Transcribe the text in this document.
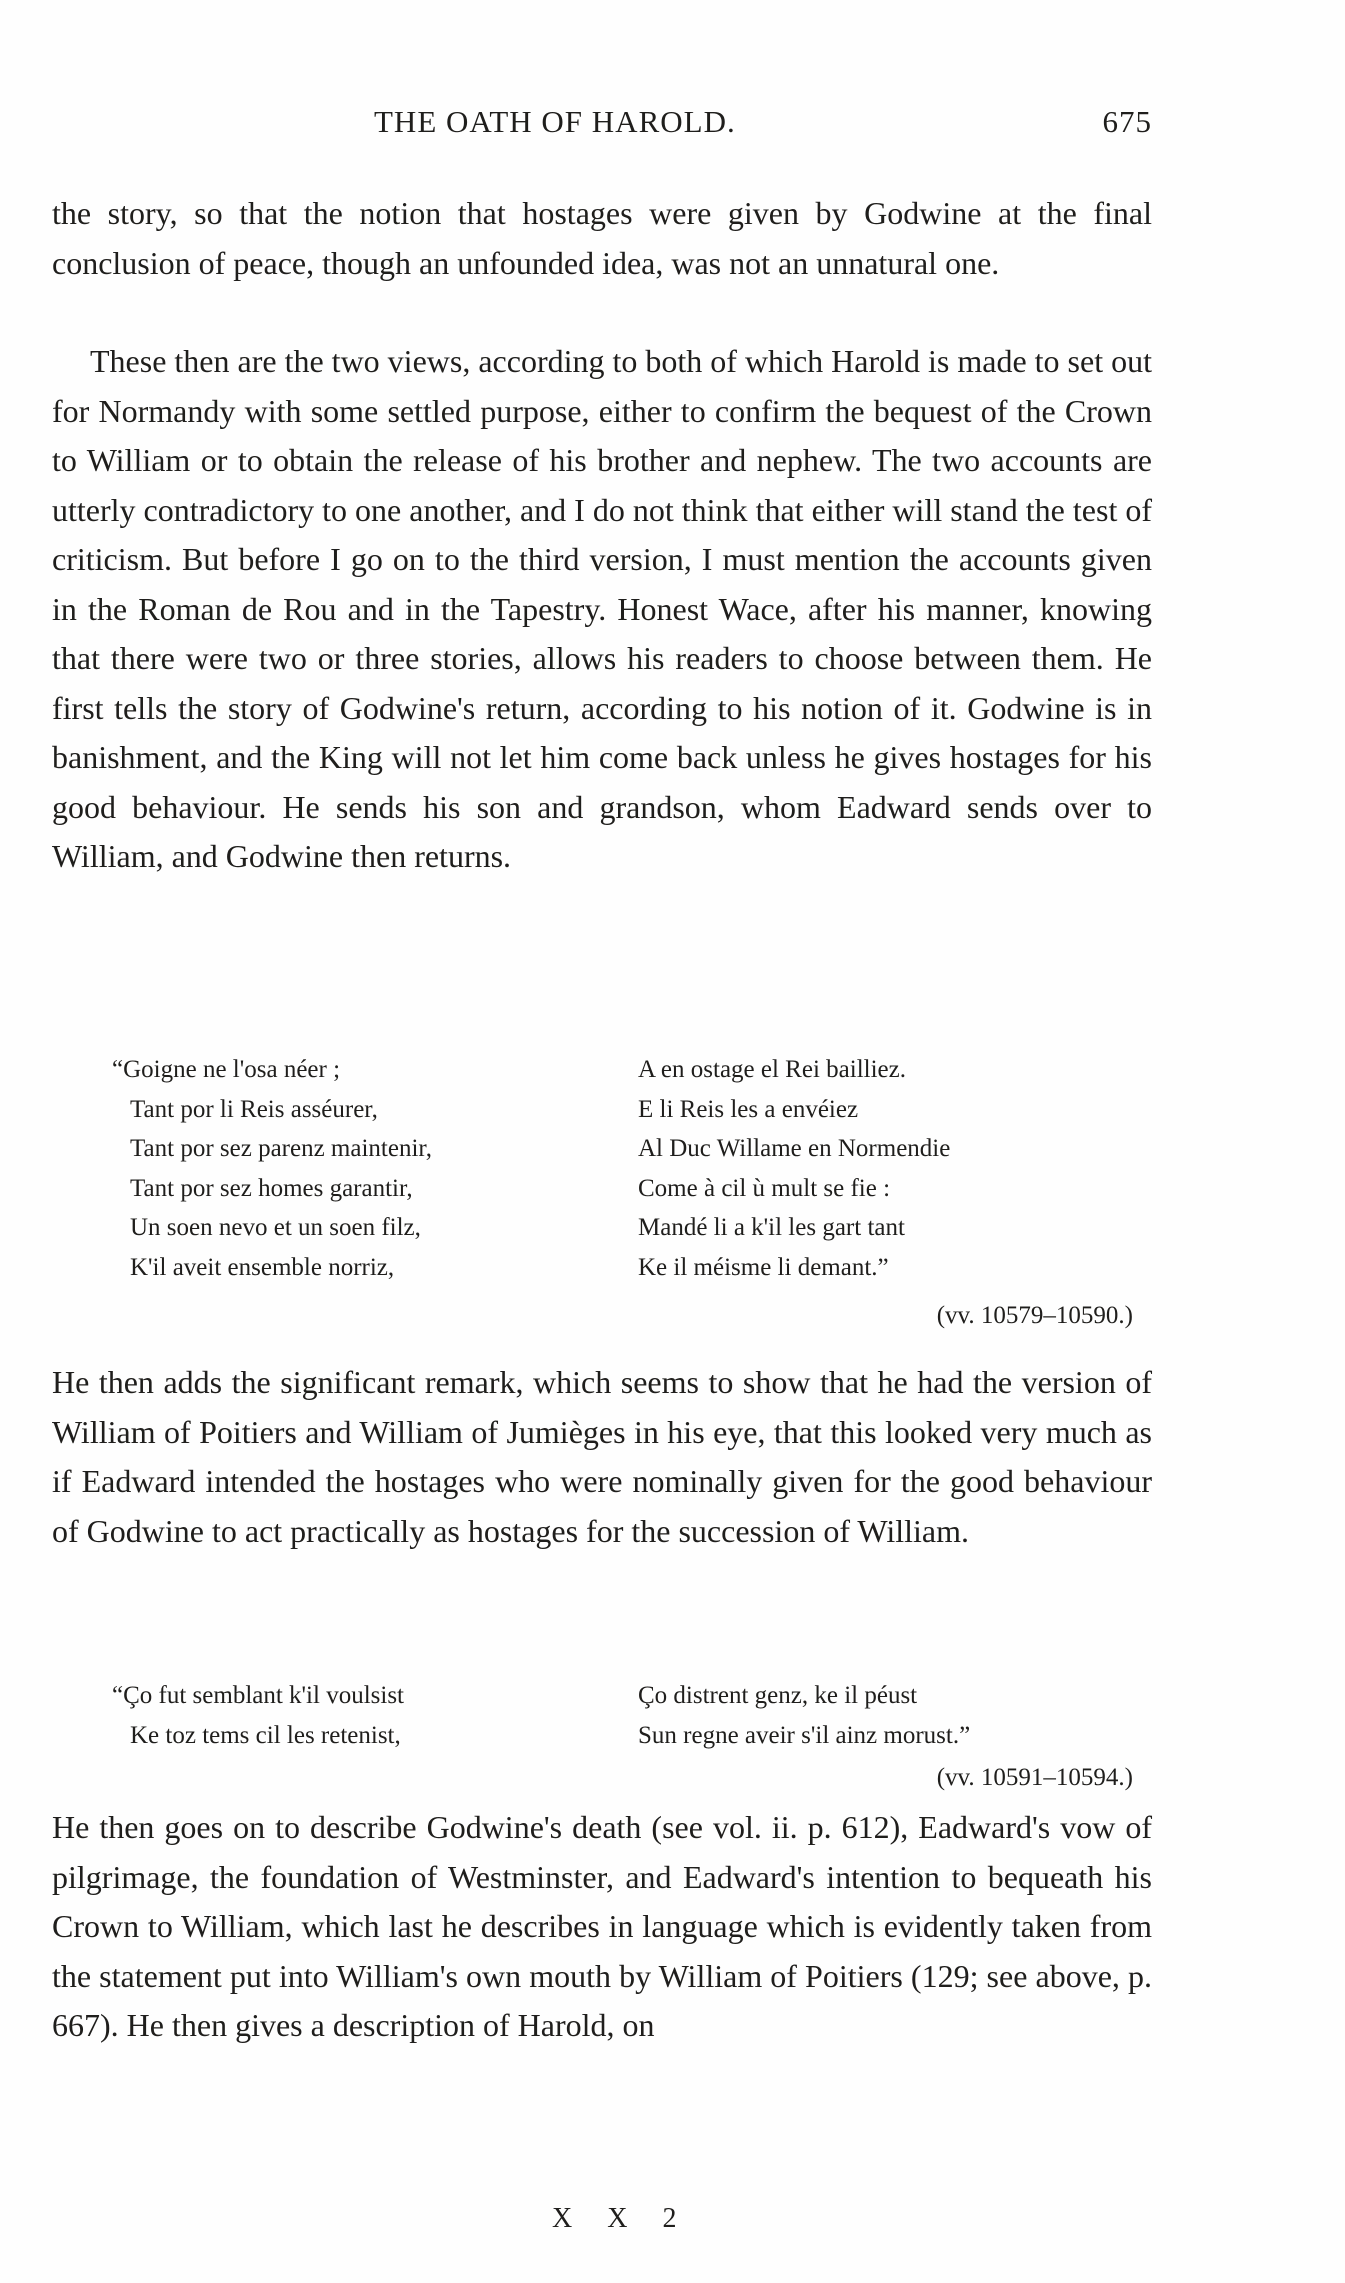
THE OATH OF HAROLD.	675

the story, so that the notion that hostages were given by Godwine at the final conclusion of peace, though an unfounded idea, was not an unnatural one.

These then are the two views, according to both of which Harold is made to set out for Normandy with some settled purpose, either to confirm the bequest of the Crown to William or to obtain the release of his brother and nephew. The two accounts are utterly contradictory to one another, and I do not think that either will stand the test of criticism. But before I go on to the third version, I must mention the accounts given in the Roman de Rou and in the Tapestry. Honest Wace, after his manner, knowing that there were two or three stories, allows his readers to choose between them. He first tells the story of Godwine's return, according to his notion of it. Godwine is in banishment, and the King will not let him come back unless he gives hostages for his good behaviour. He sends his son and grandson, whom Eadward sends over to William, and Godwine then returns.

“Goigne ne l'osa néer ;
Tant por li Reis asséurer,
Tant por sez parenz maintenir,
Tant por sez homes garantir,
Un soen nevo et un soen filz,
K'il aveit ensemble norriz,
A en ostage el Rei bailliez.
E li Reis les a envéiez
Al Duc Willame en Normendie
Come à cil ù mult se fie :
Mandé li a k'il les gart tant
Ke il méisme li demant.”
(vv. 10579–10590.)

He then adds the significant remark, which seems to show that he had the version of William of Poitiers and William of Jumièges in his eye, that this looked very much as if Eadward intended the hostages who were nominally given for the good behaviour of Godwine to act practically as hostages for the succession of William.

“Ço fut semblant k'il voulsist
Ke toz tems cil les retenist,
Ço distrent genz, ke il péust
Sun regne aveir s'il ainz morust.”
(vv. 10591–10594.)

He then goes on to describe Godwine's death (see vol. ii. p. 612), Eadward's vow of pilgrimage, the foundation of Westminster, and Eadward's intention to bequeath his Crown to William, which last he describes in language which is evidently taken from the statement put into William's own mouth by William of Poitiers (129; see above, p. 667). He then gives a description of Harold, on

X X 2
